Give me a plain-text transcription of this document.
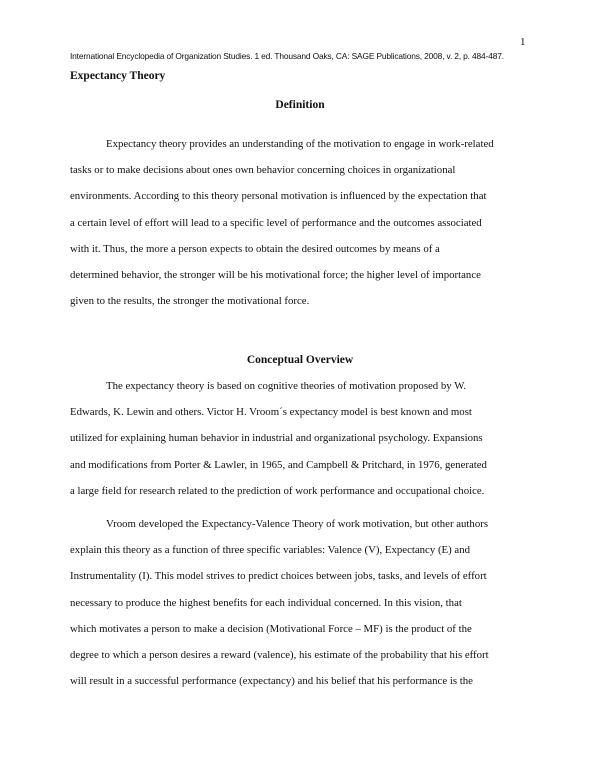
1
International Encyclopedia of Organization Studies. 1 ed. Thousand Oaks, CA: SAGE Publications, 2008, v. 2, p. 484-487.
Expectancy Theory
Definition
Expectancy theory provides an understanding of the motivation to engage in work-related
tasks or to make decisions about ones own behavior concerning choices in organizational
environments. According to this theory personal motivation is influenced by the expectation that
a certain level of effort will lead to a specific level of performance and the outcomes associated
with it. Thus, the more a person expects to obtain the desired outcomes by means of a
determined behavior, the stronger will be his motivational force; the higher level of importance
given to the results, the stronger the motivational force.
Conceptual Overview
The expectancy theory is based on cognitive theories of motivation proposed by W.
Edwards, K. Lewin and others. Victor H. Vroom´s expectancy model is best known and most
utilized for explaining human behavior in industrial and organizational psychology. Expansions
and modifications from Porter & Lawler, in 1965, and Campbell & Pritchard, in 1976, generated
a large field for research related to the prediction of work performance and occupational choice.
Vroom developed the Expectancy-Valence Theory of work motivation, but other authors
explain this theory as a function of three specific variables: Valence (V), Expectancy (E) and
Instrumentality (I). This model strives to predict choices between jobs, tasks, and levels of effort
necessary to produce the highest benefits for each individual concerned. In this vision, that
which motivates a person to make a decision (Motivational Force – MF) is the product of the
degree to which a person desires a reward (valence), his estimate of the probability that his effort
will result in a successful performance (expectancy) and his belief that his performance is the
